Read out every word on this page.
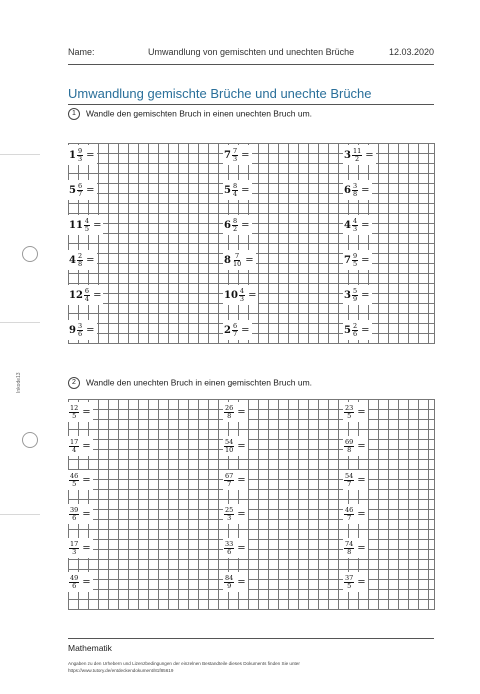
Inkode13
Name:	Umwandlung von gemischten und unechten Brüche	12.03.2020
Umwandlung gemischte Brüche und unechte Brüche
1 Wandle den gemischten Bruch in einen unechten Bruch um.
$1 \frac{9}{3}$ =	$7 \frac{7}{3}$ =	$3 \frac{11}{2}$ =
$5 \frac{6}{7}$ =	$5 \frac{8}{4}$ =	$6 \frac{3}{8}$ =
$11 \frac{4}{5}$ =	$6 \frac{8}{2}$ =	$4 \frac{4}{3}$ =
$4 \frac{2}{8}$ =	$8 \frac{7}{10}$ =	$7 \frac{9}{5}$ =
$12 \frac{6}{4}$ =	$10 \frac{4}{3}$ =	$3 \frac{5}{9}$ =
$9 \frac{3}{6}$ =	$2 \frac{6}{7}$ =	$5 \frac{2}{6}$ =
2 Wandle den unechten Bruch in einen gemischten Bruch um.
$\frac{12}{5}$ =	$\frac{26}{8}$ =	$\frac{23}{5}$ =
$\frac{17}{4}$ =	$\frac{54}{10}$ =	$\frac{69}{8}$ =
$\frac{46}{5}$ =	$\frac{67}{7}$ =	$\frac{54}{7}$ =
$\frac{39}{6}$ =	$\frac{25}{3}$ =	$\frac{46}{7}$ =
$\frac{17}{3}$ =	$\frac{33}{6}$ =	$\frac{74}{8}$ =
$\frac{49}{6}$ =	$\frac{84}{9}$ =	$\frac{37}{5}$ =
Mathematik
Angaben zu den Urhebern und Lizenzbedingungen der einzelnen Bestandteile dieses Dokuments finden Sie unter
https://www.tutory.de/entdeckendokument/81f85619
